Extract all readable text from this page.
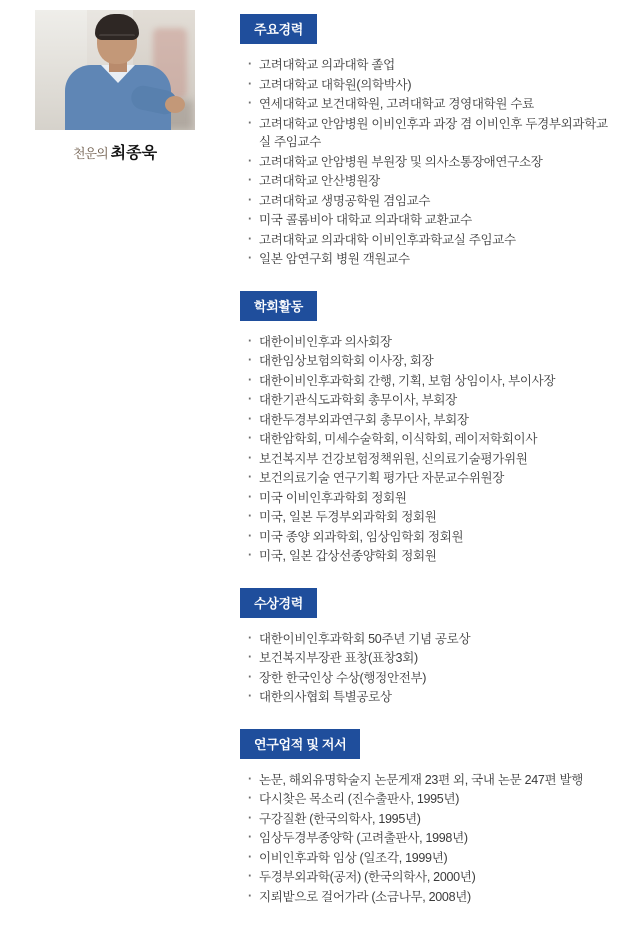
천운의 최종욱
주요경력
· 고려대학교 의과대학 졸업
· 고려대학교 대학원(의학박사)
· 연세대학교 보건대학원, 고려대학교 경영대학원 수료
· 고려대학교 안암병원 이비인후과 과장 겸 이비인후 두경부외과학교실 주임교수
· 고려대학교 안암병원 부원장 및 의사소통장애연구소장
· 고려대학교 안산병원장
· 고려대학교 생명공학원 겸임교수
· 미국 콜롬비아 대학교 의과대학 교환교수
· 고려대학교 의과대학 이비인후과학교실 주임교수
· 일본 암연구회 병원 객원교수
학회활동
· 대한이비인후과 의사회장
· 대한임상보험의학회 이사장, 회장
· 대한이비인후과학회 간행, 기획, 보험 상임이사, 부이사장
· 대한기관식도과학회 총무이사, 부회장
· 대한두경부외과연구회 총무이사, 부회장
· 대한암학회, 미세수술학회, 이식학회, 레이저학회이사
· 보건복지부 건강보험정책위원, 신의료기술평가위원
· 보건의료기술 연구기획 평가단 자문교수위원장
· 미국 이비인후과학회 정회원
· 미국, 일본 두경부외과학회 정회원
· 미국 종양 외과학회, 임상임학회 정회원
· 미국, 일본 갑상선종양학회 정회원
수상경력
· 대한이비인후과학회 50주년 기념 공로상
· 보건복지부장관 표창(표창3회)
· 장한 한국인상 수상(행정안전부)
· 대한의사협회 특별공로상
연구업적 및 저서
· 논문, 해외유명학술지 논문게재 23편 외, 국내 논문 247편 발행
· 다시찾은 목소리 (진수출판사, 1995년)
· 구강질환 (한국의학사, 1995년)
· 임상두경부종양학 (고려출판사, 1998년)
· 이비인후과학 임상 (일조각, 1999년)
· 두경부외과학(공저) (한국의학사, 2000년)
· 지뢰밭으로 걸어가라 (소금나무, 2008년)
